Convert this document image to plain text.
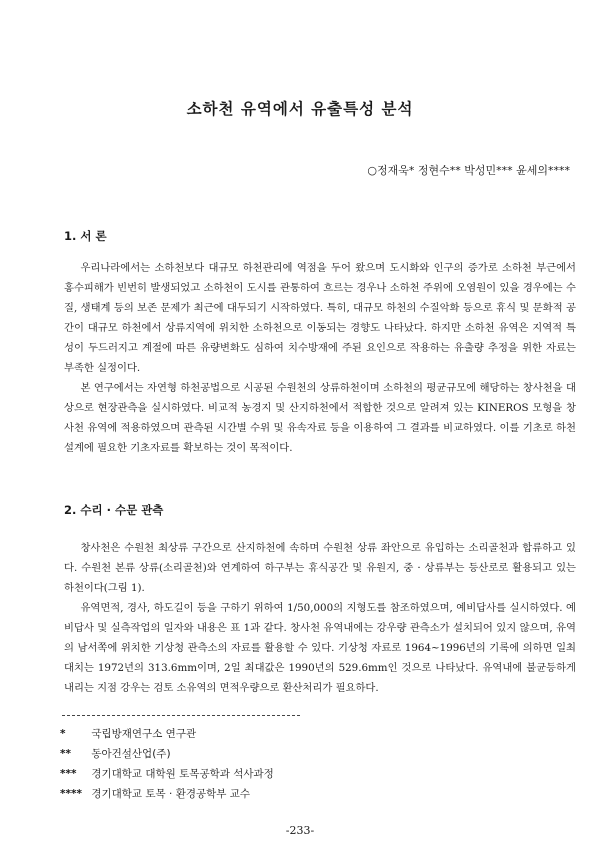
소하천 유역에서 유출특성 분석
○정재욱* 정현수** 박성민*** 윤세의****
1. 서 론

우리나라에서는 소하천보다 대규모 하천관리에 역점을 두어 왔으며 도시화와 인구의 증가로 소하천 부근에서 홍수피해가 빈번히 발생되었고 소하천이 도시를 관통하여 흐르는 경우나 소하천 주위에 오염원이 있을 경우에는 수질, 생태계 등의 보존 문제가 최근에 대두되기 시작하였다. 특히, 대규모 하천의 수질악화 등으로 휴식 및 문화적 공간이 대규모 하천에서 상류지역에 위치한 소하천으로 이동되는 경향도 나타났다. 하지만 소하천 유역은 지역적 특성이 두드러지고 계절에 따른 유량변화도 심하여 치수방재에 주된 요인으로 작용하는 유출량 추정을 위한 자료는 부족한 실정이다.

본 연구에서는 자연형 하천공법으로 시공된 수원천의 상류하천이며 소하천의 평균규모에 해당하는 창사천을 대상으로 현장관측을 실시하였다. 비교적 농경지 및 산지하천에서 적합한 것으로 알려져 있는 KINEROS 모형을 창사천 유역에 적용하였으며 관측된 시간별 수위 및 유속자료 등을 이용하여 그 결과를 비교하였다. 이를 기초로 하천설계에 필요한 기초자료를 확보하는 것이 목적이다.

2. 수리 · 수문 관측

창사천은 수원천 최상류 구간으로 산지하천에 속하며 수원천 상류 좌안으로 유입하는 소리골천과 합류하고 있다. 수원천 본류 상류(소리골천)와 연계하여 하구부는 휴식공간 및 유원지, 중 · 상류부는 등산로로 활용되고 있는 하천이다(그림 1).

유역면적, 경사, 하도길이 등을 구하기 위하여 1/50,000의 지형도를 참조하였으며, 예비답사를 실시하였다. 예비답사 및 실측작업의 일자와 내용은 표 1과 같다. 창사천 유역내에는 강우량 관측소가 설치되어 있지 않으며, 유역의 남서쪽에 위치한 기상청 관측소의 자료를 활용할 수 있다. 기상청 자료로 1964~1996년의 기록에 의하면 일최대치는 1972년의 313.6mm이며, 2일 최대값은 1990년의 529.6mm인 것으로 나타났다. 유역내에 불균등하게 내리는 지점 강우는 검토 소유역의 면적우량으로 환산처리가 필요하다.

* 국립방재연구소 연구관
** 동아건설산업(주)
*** 경기대학교 대학원 토목공학과 석사과정
**** 경기대학교 토목 · 환경공학부 교수
-233-
